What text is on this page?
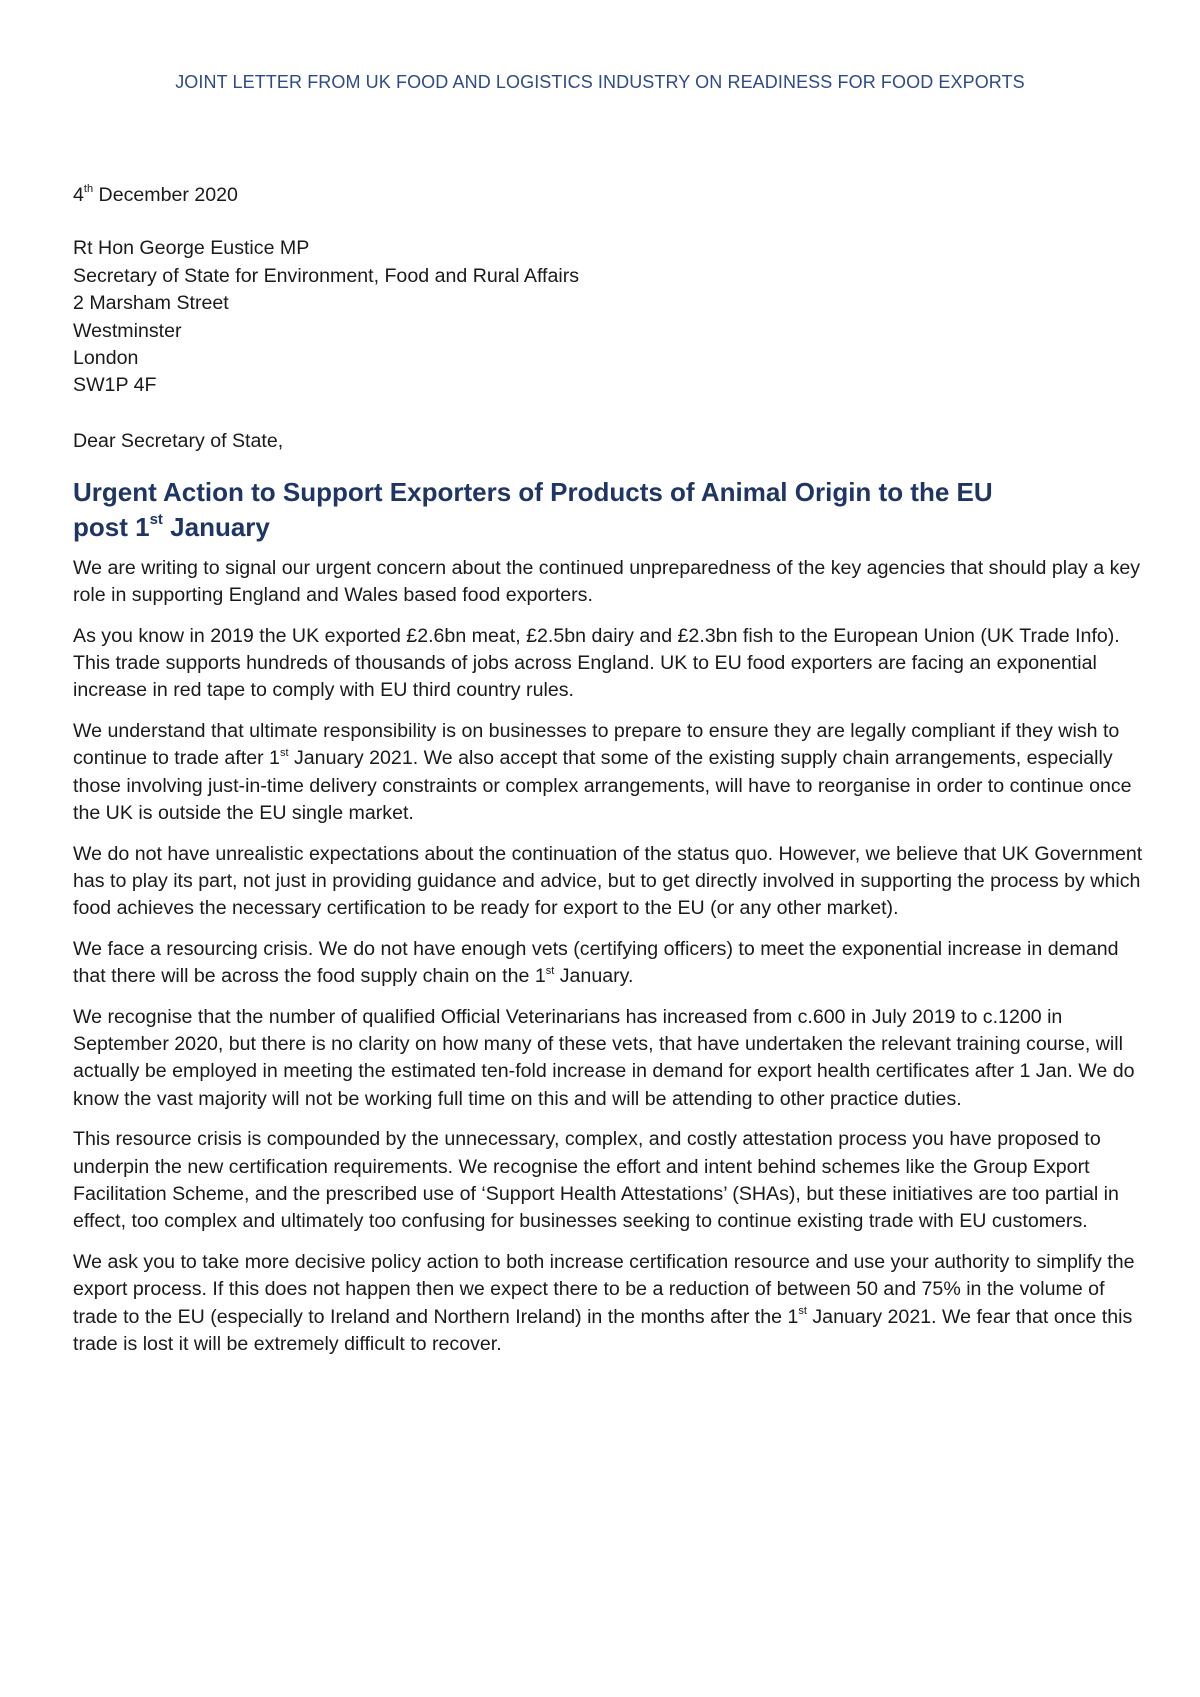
JOINT LETTER FROM UK FOOD AND LOGISTICS INDUSTRY ON READINESS FOR FOOD EXPORTS

4th December 2020

Rt Hon George Eustice MP
Secretary of State for Environment, Food and Rural Affairs
2 Marsham Street
Westminster
London
SW1P 4F

Dear Secretary of State,

Urgent Action to Support Exporters of Products of Animal Origin to the EU
post 1st January

We are writing to signal our urgent concern about the continued unpreparedness of the key agencies that should play a key role in supporting England and Wales based food exporters.

As you know in 2019 the UK exported £2.6bn meat, £2.5bn dairy and £2.3bn fish to the European Union (UK Trade Info). This trade supports hundreds of thousands of jobs across England. UK to EU food exporters are facing an exponential increase in red tape to comply with EU third country rules.

We understand that ultimate responsibility is on businesses to prepare to ensure they are legally compliant if they wish to continue to trade after 1st January 2021. We also accept that some of the existing supply chain arrangements, especially those involving just-in-time delivery constraints or complex arrangements, will have to reorganise in order to continue once the UK is outside the EU single market.

We do not have unrealistic expectations about the continuation of the status quo. However, we believe that UK Government has to play its part, not just in providing guidance and advice, but to get directly involved in supporting the process by which food achieves the necessary certification to be ready for export to the EU (or any other market).

We face a resourcing crisis. We do not have enough vets (certifying officers) to meet the exponential increase in demand that there will be across the food supply chain on the 1st January.

We recognise that the number of qualified Official Veterinarians has increased from c.600 in July 2019 to c.1200 in September 2020, but there is no clarity on how many of these vets, that have undertaken the relevant training course, will actually be employed in meeting the estimated ten-fold increase in demand for export health certificates after 1 Jan. We do know the vast majority will not be working full time on this and will be attending to other practice duties.

This resource crisis is compounded by the unnecessary, complex, and costly attestation process you have proposed to underpin the new certification requirements. We recognise the effort and intent behind schemes like the Group Export Facilitation Scheme, and the prescribed use of ‘Support Health Attestations’ (SHAs), but these initiatives are too partial in effect, too complex and ultimately too confusing for businesses seeking to continue existing trade with EU customers.

We ask you to take more decisive policy action to both increase certification resource and use your authority to simplify the export process. If this does not happen then we expect there to be a reduction of between 50 and 75% in the volume of trade to the EU (especially to Ireland and Northern Ireland) in the months after the 1st January 2021. We fear that once this trade is lost it will be extremely difficult to recover.
